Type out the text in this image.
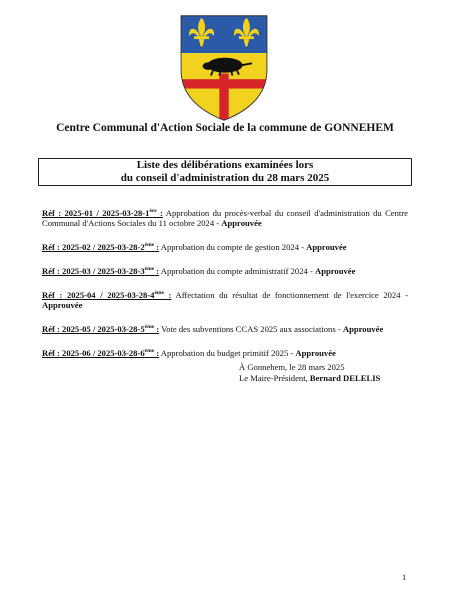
Centre Communal d'Action Sociale de la commune de GONNEHEM
Liste des délibérations examinées lors
du conseil d'administration du 28 mars 2025

Réf : 2025-01 / 2025-03-28-1ère : Approbation du procès-verbal du conseil d'administration du Centre Communal d'Actions Sociales du 11 octobre 2024 - Approuvée

Réf : 2025-02 / 2025-03-28-2ème : Approbation du compte de gestion 2024 - Approuvée

Réf : 2025-03 / 2025-03-28-3ème : Approbation du compte administratif 2024 - Approuvée

Réf : 2025-04 / 2025-03-28-4ème : Affectation du résultat de fonctionnement de l'exercice 2024 - Approuvée

Réf : 2025-05 / 2025-03-28-5ème : Vote des subventions CCAS 2025 aux associations - Approuvée

Réf : 2025-06 / 2025-03-28-6ème : Approbation du budget primitif 2025 - Approuvée

À Gonnehem, le 28 mars 2025
Le Maire-Président, Bernard DELELIS
1
